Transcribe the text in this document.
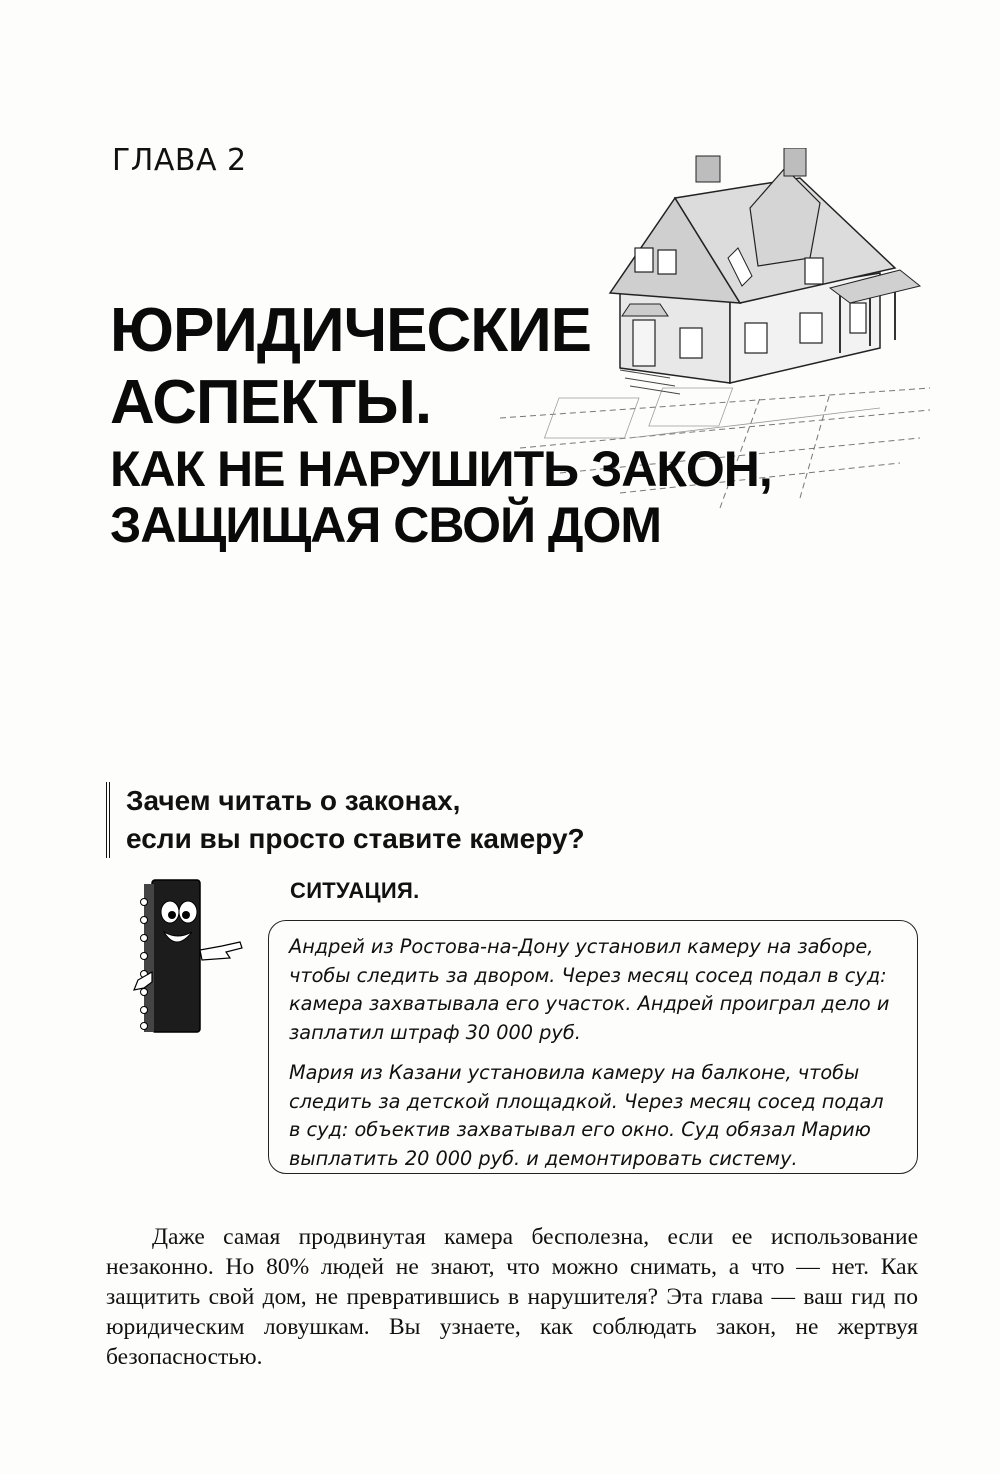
ГЛАВА 2
ЮРИДИЧЕСКИЕ
АСПЕКТЫ.
КАК НЕ НАРУШИТЬ ЗАКОН,
ЗАЩИЩАЯ СВОЙ ДОМ
Зачем читать о законах,
если вы просто ставите камеру?
СИТУАЦИЯ.

Андрей из Ростова-на-Дону установил камеру на заборе, чтобы следить за двором. Через месяц сосед подал в суд: камера захватывала его участок. Андрей проиграл дело и заплатил штраф 30 000 руб.

Мария из Казани установила камеру на балконе, чтобы следить за детской площадкой. Через месяц сосед подал в суд: объектив захватывал его окно. Суд обязал Марию выплатить 20 000 руб. и демонтировать систему.

Даже самая продвинутая камера бесполезна, если ее использование незаконно. Но 80% людей не знают, что можно снимать, а что — нет. Как защитить свой дом, не превратившись в нарушителя? Эта глава — ваш гид по юридическим ловушкам. Вы узнаете, как соблюдать закон, не жертвуя безопасностью.
